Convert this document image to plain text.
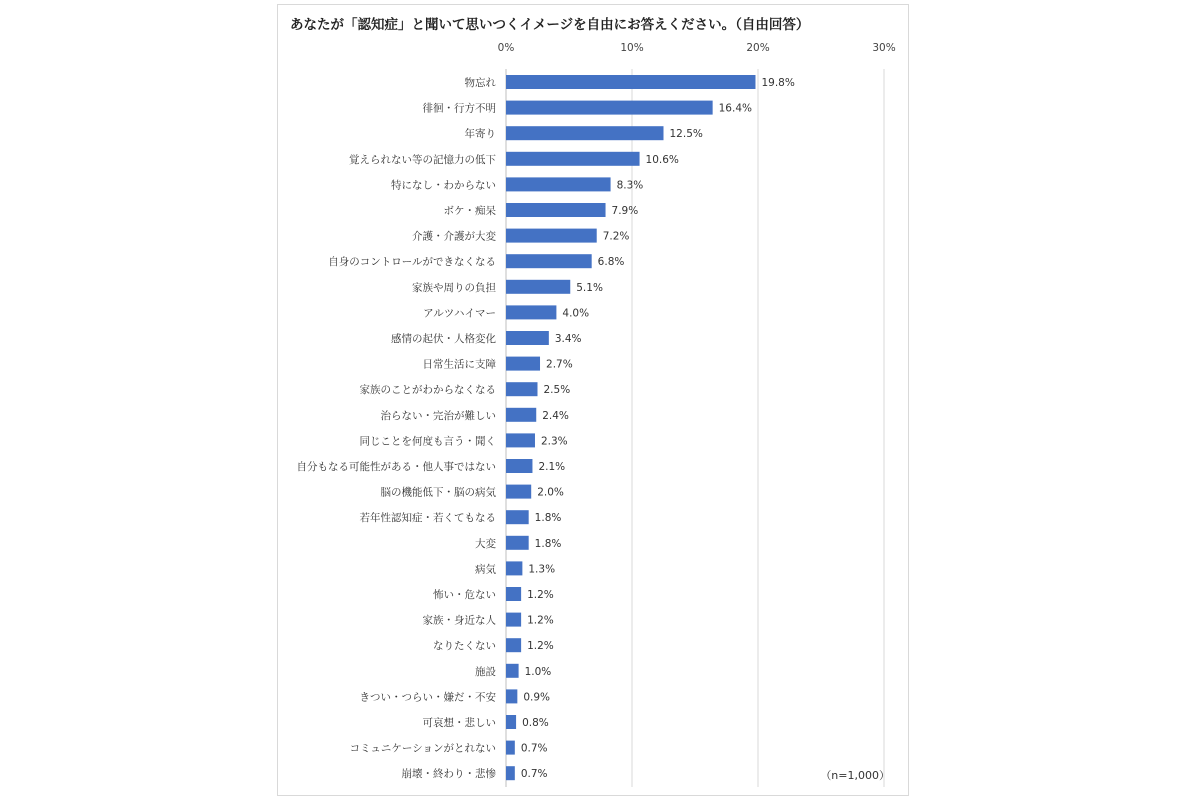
あなたが「認知症」と聞いて思いつくイメージを自由にお答えください。（自由回答）
0%	10%	20%	30%
物忘れ	19.8%
徘徊・行方不明	16.4%
年寄り	12.5%
覚えられない等の記憶力の低下	10.6%
特になし・わからない	8.3%
ボケ・痴呆	7.9%
介護・介護が大変	7.2%
自身のコントロールができなくなる	6.8%
家族や周りの負担	5.1%
アルツハイマー	4.0%
感情の起伏・人格変化	3.4%
日常生活に支障	2.7%
家族のことがわからなくなる	2.5%
治らない・完治が難しい	2.4%
同じことを何度も言う・聞く	2.3%
自分もなる可能性がある・他人事ではない	2.1%
脳の機能低下・脳の病気	2.0%
若年性認知症・若くてもなる	1.8%
大変	1.8%
病気	1.3%
怖い・危ない	1.2%
家族・身近な人	1.2%
なりたくない	1.2%
施設	1.0%
きつい・つらい・嫌だ・不安	0.9%
可哀想・悲しい 0.8%
コミュニケーションがとれない 0.7%
崩壊・終わり・悲惨 0.7%	（n=1,000）
